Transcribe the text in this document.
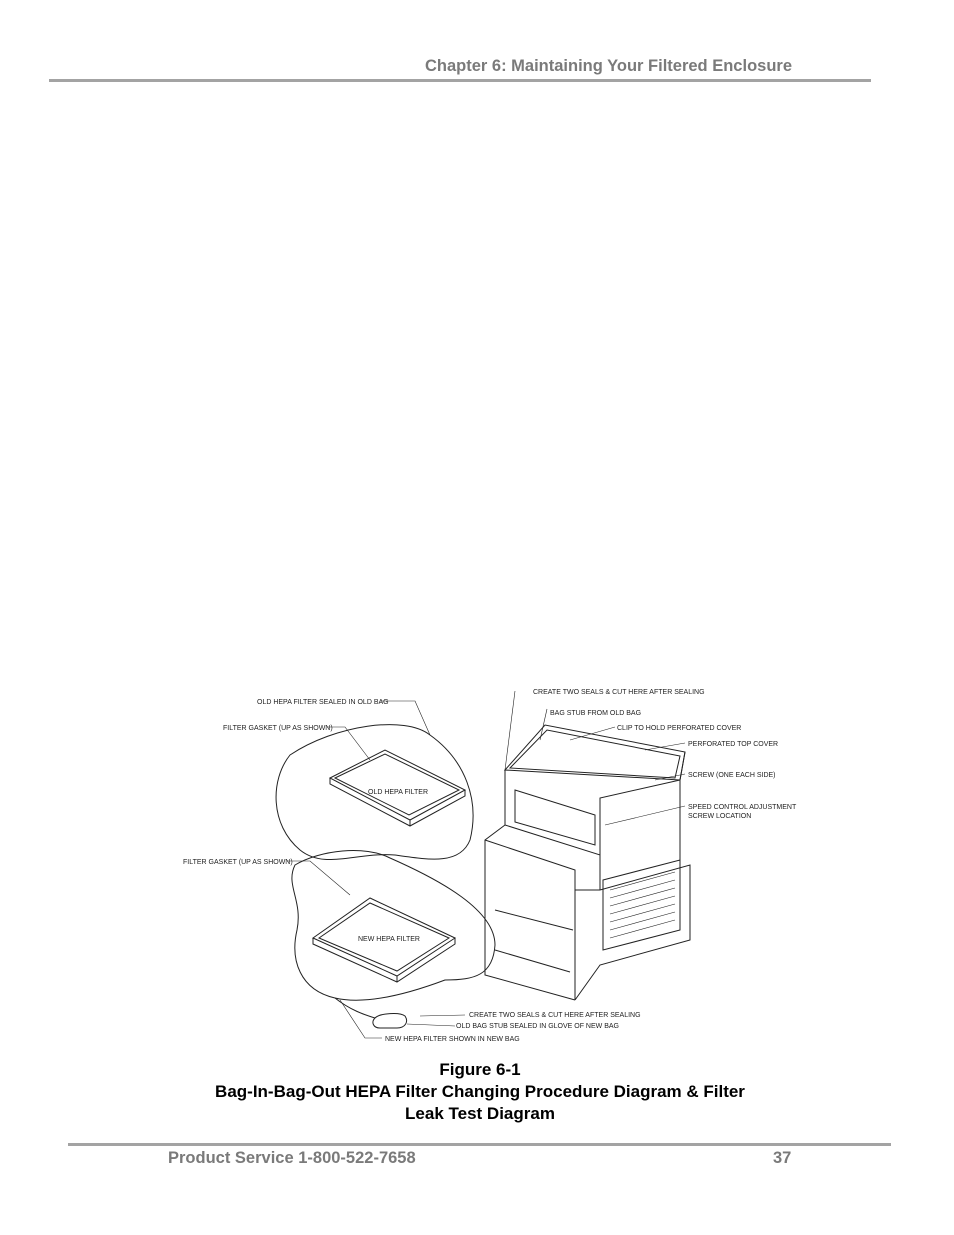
Chapter 6: Maintaining Your Filtered Enclosure
OLD HEPA FILTER SEALED IN OLD BAG
FILTER GASKET (UP AS SHOWN)
OLD HEPA FILTER
FILTER GASKET (UP AS SHOWN)
NEW HEPA FILTER
CREATE TWO SEALS & CUT HERE AFTER SEALING
BAG STUB FROM OLD BAG
CLIP TO HOLD PERFORATED COVER
PERFORATED TOP COVER
SCREW (ONE EACH SIDE)
SPEED CONTROL ADJUSTMENT
SCREW LOCATION
CREATE TWO SEALS & CUT HERE AFTER SEALING
OLD BAG STUB SEALED IN GLOVE OF NEW BAG
NEW HEPA FILTER SHOWN IN NEW BAG
Figure 6-1
Bag-In-Bag-Out HEPA Filter Changing Procedure Diagram & Filter
Leak Test Diagram
Product Service 1-800-522-7658	37
